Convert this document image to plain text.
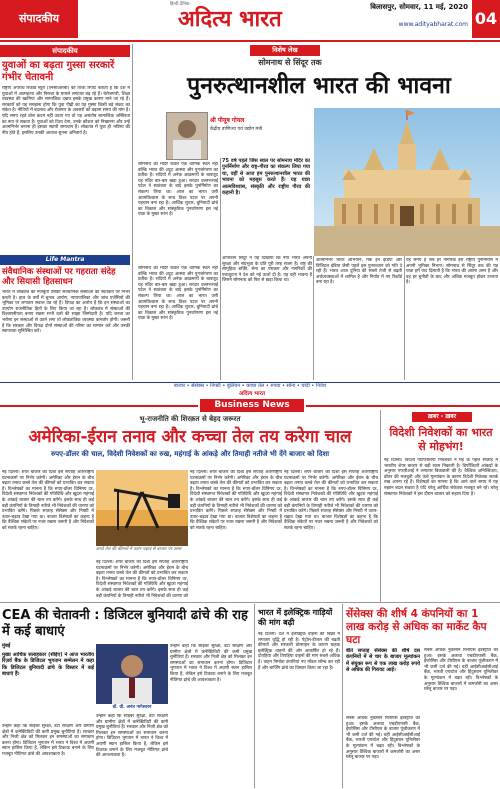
संपादकीय
हिन्दी दैनिक
अदित्य भारत	बिलासपुर, सोमवार, 11 मई, 2020
www.adityabharat.com 04
संपादकीय
युवाओं का बढ़ता गुस्सा सरकारें गंभीर चेतावनी
राष्ट्रीय अपराध रिकॉर्ड ब्यूरो (एनसीआरबी) की ताजा रिपोर्ट बताती है कि देश में युवाओं में आत्महत्या और निराशा के मामले लगातार बढ़ रहे हैं। बेरोजगारी, शिक्षा व्यवस्था की खामियां और सामाजिक दबाव इसके प्रमुख कारण माने जा रहे हैं। सरकारों को यह समझना होगा कि युवा पीढ़ी का यह गुस्सा किसी बड़े संकट का संकेत है। नीतियों में बदलाव और रोजगार के अवसरों को बढ़ाना समय की मांग है। यदि समय रहते ठोस कदम नहीं उठाए गए तो यह असंतोष सामाजिक अस्थिरता का रूप ले सकता है। युवाओं को दिशा देना, उनके कौशल को निखारना और उन्हें आत्मनिर्भर बनाना ही इसका स्थायी समाधान है। लोकतंत्र में युवा ही भविष्य की नींव होते हैं, इसलिए उनकी आवाज सुनना अनिवार्य है।
Life Mantra
संवैधानिक संस्थाओं पर गहराता संदेह और सियासी हितसाधन
भारत में लोकतंत्र की मजबूती उसकी संवैधानिक संस्थाओं की स्वतंत्रता पर निर्भर करती है। हाल के वर्षों में चुनाव आयोग, न्यायपालिका और जांच एजेंसियों की भूमिका पर लगातार सवाल उठ रहे हैं। विपक्ष का आरोप है कि इन संस्थाओं का उपयोग राजनीतिक हितों के लिए किया जा रहा है। लोकतंत्र में संस्थाओं की विश्वसनीयता बनाए रखना सभी दलों की साझा जिम्मेदारी है। यदि जनता का भरोसा इन संस्थाओं से उठने लगा तो लोकतांत्रिक व्यवस्था कमजोर होगी। जरूरी है कि सरकार और विपक्ष दोनों संस्थाओं की गरिमा का सम्मान करें और उनकी स्वायत्तता सुनिश्चित करें।
विशेष लेख
सोमनाथ से सिंदूर तक
पुनरुत्थानशील भारत की भावना
श्री पीयूष गोयल
केंद्रीय वाणिज्य एवं उद्योग मंत्री
सोमनाथ का मंदिर केवल एक धार्मिक स्थल नहीं बल्कि भारत की अटूट आस्था और पुनर्जागरण का प्रतीक है। सदियों में अनेक आक्रमणों के बावजूद यह मंदिर बार-बार खड़ा हुआ। सरदार वल्लभभाई पटेल ने स्वतंत्रता के बाद इसके पुनर्निर्माण का संकल्प लिया था। आज का भारत उसी आत्मविश्वास के साथ विश्व पटल पर अपनी पहचान बना रहा है। आर्थिक सुधार, बुनियादी ढांचे का विकास और सांस्कृतिक पुनर्जागरण इस नई यात्रा के मुख्य स्तंभ हैं।
75 वर्ष पहले जिस स्थल पर सोमनाथ मंदिर का पुनर्निर्माण और राष्ट्र-गौरव का संकल्प लिया गया था, वहीं से आज हम पुनरुत्थानशील भारत की भावना को महसूस करते हैं। यह यात्रा आत्मविश्वास, संस्कृति और राष्ट्रीय गौरव की कहानी है।
ऑपरेशन सिंदूर ने यह दिखाया कि नया भारत अपनी सुरक्षा और संप्रभुता के प्रति पूरी तरह सजग है। राष्ट्र की सामूहिक शक्ति, सेना का पराक्रम और नागरिकों की एकजुटता ने देश को नई ऊर्जा दी है। यह वही भावना है जिसने सोमनाथ को फिर से खड़ा किया था।
आत्मनिर्भर भारत अभियान, मेक इन इंडिया और डिजिटल इंडिया जैसी पहलें इस पुनरुत्थान को गति दे रही हैं। भारत आज दुनिया की सबसे तेजी से बढ़ती अर्थव्यवस्थाओं में शामिल है और निर्यात में नए रिकॉर्ड बना रहा है।
यह समय है जब हर नागरिक इस राष्ट्रीय पुनर्निर्माण में अपनी भूमिका निभाए। सोमनाथ से सिंदूर तक की यह यात्रा हमें याद दिलाती है कि भारत की आत्मा अमर है और वह हर चुनौती के बाद और अधिक मजबूत होकर उभरता है।
सोमनाथ का मंदिर केवल एक धार्मिक स्थल नहीं बल्कि भारत की अटूट आस्था और पुनर्जागरण का प्रतीक है। सदियों में अनेक आक्रमणों के बावजूद यह मंदिर बार-बार खड़ा हुआ। सरदार वल्लभभाई पटेल ने स्वतंत्रता के बाद इसके पुनर्निर्माण का संकल्प लिया था। आज का भारत उसी आत्मविश्वास के साथ विश्व पटल पर अपनी पहचान बना रहा है। आर्थिक सुधार, बुनियादी ढांचे का विकास और सांस्कृतिक पुनर्जागरण इस नई यात्रा के मुख्य स्तंभ हैं।
बाजार • सेंसेक्स • निफ्टी • बुलियन • कच्चा तेल • रुपया • सोना • चांदी • निवेश
अदित्य भारत
Business News
भू-राजनीति की शिरक़त से बेहद जरूरत
अमेरिका-ईरान तनाव और कच्चा तेल तय करेगा चाल
रुपए-डॉलर की चाल, विदेशी निवेशकों का रुख, महंगाई के आंकड़े और तिमाही नतीजे भी देंगे बाजार को दिशा
नई दिल्ली। शेयर बाजार की दिशा इस सप्ताह अंतरराष्ट्रीय घटनाक्रमों पर निर्भर करेगी। अमेरिका और ईरान के बीच बढ़ता तनाव कच्चे तेल की कीमतों को प्रभावित कर सकता है। विश्लेषकों का मानना है कि रुपए-डॉलर विनिमय दर, विदेशी संस्थागत निवेशकों की गतिविधि और खुदरा महंगाई के आंकड़े बाजार की चाल तय करेंगे। इसके साथ ही कई बड़ी कंपनियों के तिमाही नतीजे भी निवेशकों की धारणा को प्रभावित करेंगे। पिछले सप्ताह सेंसेक्स और निफ्टी में उतार-चढ़ाव देखा गया था। बाजार विशेषज्ञों का कहना है कि वैश्विक संकेतों पर नजर रखना जरूरी है और निवेशकों को सतर्क रहना चाहिए।
कच्चे तेल की कीमतों में उतार-चढ़ाव से बाजार पर असर
नई दिल्ली। शेयर बाजार की दिशा इस सप्ताह अंतरराष्ट्रीय घटनाक्रमों पर निर्भर करेगी। अमेरिका और ईरान के बीच बढ़ता तनाव कच्चे तेल की कीमतों को प्रभावित कर सकता है। विश्लेषकों का मानना है कि रुपए-डॉलर विनिमय दर, विदेशी संस्थागत निवेशकों की गतिविधि और खुदरा महंगाई के आंकड़े बाजार की चाल तय करेंगे। इसके साथ ही कई बड़ी कंपनियों के तिमाही नतीजे भी निवेशकों की धारणा को
नई दिल्ली। शेयर बाजार की दिशा इस सप्ताह अंतरराष्ट्रीय घटनाक्रमों पर निर्भर करेगी। अमेरिका और ईरान के बीच बढ़ता तनाव कच्चे तेल की कीमतों को प्रभावित कर सकता है। विश्लेषकों का मानना है कि रुपए-डॉलर विनिमय दर, विदेशी संस्थागत निवेशकों की गतिविधि और खुदरा महंगाई के आंकड़े बाजार की चाल तय करेंगे। इसके साथ ही कई बड़ी कंपनियों के तिमाही नतीजे भी निवेशकों की धारणा को प्रभावित करेंगे। पिछले सप्ताह सेंसेक्स और निफ्टी में उतार-चढ़ाव देखा गया था। बाजार विशेषज्ञों का कहना है कि वैश्विक संकेतों पर नजर रखना जरूरी है और निवेशकों को सतर्क रहना चाहिए।
नई दिल्ली। शेयर बाजार की दिशा इस सप्ताह अंतरराष्ट्रीय घटनाक्रमों पर निर्भर करेगी। अमेरिका और ईरान के बीच बढ़ता तनाव कच्चे तेल की कीमतों को प्रभावित कर सकता है। विश्लेषकों का मानना है कि रुपए-डॉलर विनिमय दर, विदेशी संस्थागत निवेशकों की गतिविधि और खुदरा महंगाई के आंकड़े बाजार की चाल तय करेंगे। इसके साथ ही कई बड़ी कंपनियों के तिमाही नतीजे भी निवेशकों की धारणा को प्रभावित करेंगे। पिछले सप्ताह सेंसेक्स और निफ्टी में उतार-चढ़ाव देखा गया था। बाजार विशेषज्ञों का कहना है कि वैश्विक संकेतों पर नजर रखना जरूरी है और निवेशकों को सतर्क रहना चाहिए।
ख़बर - ख़बर
विदेशी निवेशकों का भारत से मोहभंग!
नई दिल्ली। विदेशी पोर्टफोलियो निवेशकों ने मई के पहले सप्ताह में भारतीय शेयर बाजार से बड़ी रकम निकाली है। डिपॉजिटरी आंकड़ों के अनुसार एफपीआई ने लगातार बिकवाली की है। वैश्विक अनिश्चितता, डॉलर की मजबूती और ऊंचे मूल्यांकन के कारण विदेशी निवेशक सतर्क रुख अपना रहे हैं। विशेषज्ञों का मानना है कि आने वाले समय में यह रुझान बदल सकता है यदि घरेलू आर्थिक संकेतक मजबूत बने रहें। घरेलू संस्थागत निवेशकों ने इस दौरान बाजार को सहारा दिया है।
CEA की चेतावनी : डिजिटल बुनियादी ढांचे की राह में कई बाधाएं
मुंबई
मुख्य आर्थिक सलाहकार (सीईए) ने आज भारतीय रिज़र्व बैंक के डिजिटल भुगतान सम्मेलन में कहा कि डिजिटल बुनियादी ढांचे के विस्तार में कई बाधाएं हैं।
डॉ. वी. अनंत नागेश्वरन
उन्होंने कहा कि साइबर सुरक्षा, डेटा संरक्षण और ग्रामीण क्षेत्रों में कनेक्टिविटी की कमी प्रमुख चुनौतियां हैं। सरकार और निजी क्षेत्र को मिलकर इन समस्याओं का समाधान करना होगा। डिजिटल भुगतान में भारत ने विश्व में अग्रणी स्थान हासिल किया है, लेकिन इसे टिकाऊ बनाने के लिए मजबूत नीतिगत ढांचे की आवश्यकता है।
उन्होंने कहा कि साइबर सुरक्षा, डेटा संरक्षण और ग्रामीण क्षेत्रों में कनेक्टिविटी की कमी प्रमुख चुनौतियां हैं। सरकार और निजी क्षेत्र को मिलकर इन समस्याओं का समाधान करना होगा। डिजिटल भुगतान में भारत ने विश्व में अग्रणी स्थान हासिल किया है, लेकिन इसे टिकाऊ बनाने के लिए मजबूत नीतिगत ढांचे की आवश्यकता है।
उन्होंने कहा कि साइबर सुरक्षा, डेटा संरक्षण और ग्रामीण क्षेत्रों में कनेक्टिविटी की कमी प्रमुख चुनौतियां हैं। सरकार और निजी क्षेत्र को मिलकर इन समस्याओं का समाधान करना होगा। डिजिटल भुगतान में भारत ने विश्व में अग्रणी स्थान हासिल किया है, लेकिन इसे टिकाऊ बनाने के लिए मजबूत नीतिगत ढांचे की आवश्यकता है।
भारत में इलेक्ट्रिक गाड़ियों की मांग बढ़ी
नई दिल्ली। देश में इलेक्ट्रिक वाहनों की बिक्री में लगातार वृद्धि हो रही है। पेट्रोल-डीजल की बढ़ती कीमतों और सरकारी प्रोत्साहन के कारण ग्राहक इलेक्ट्रिक वाहनों की ओर आकर्षित हो रहे हैं। दोपहिया और तिपहिया वाहनों की मांग सबसे अधिक है। वाहन निर्माता कंपनियां नए मॉडल लॉन्च कर रही हैं और चार्जिंग ढांचे का विस्तार किया जा रहा है।
सेंसेक्स की शीर्ष 4 कंपनियों का 1 लाख करोड़ से अधिक का मार्केट कैप घटा
बीते सप्ताह सेंसेक्स की शीर्ष दस कंपनियों में से चार के बाजार मूल्यांकन में संयुक्त रूप से एक लाख करोड़ रुपये से अधिक की गिरावट आई।
सबसे अधिक नुकसान रिलायंस इंडस्ट्रीज को हुआ। इसके अलावा एचडीएफसी बैंक, इंफोसिस और टीसीएस के बाजार पूंजीकरण में भी कमी दर्ज की गई। वहीं आईसीआईसीआई बैंक, भारती एयरटेल और हिंदुस्तान यूनिलीवर के मूल्यांकन में बढ़त रही। विश्लेषकों के अनुसार वैश्विक बाजारों में कमजोरी का असर घरेलू बाजार पर पड़ा।
सबसे अधिक नुकसान रिलायंस इंडस्ट्रीज को हुआ। इसके अलावा एचडीएफसी बैंक, इंफोसिस और टीसीएस के बाजार पूंजीकरण में भी कमी दर्ज की गई। वहीं आईसीआईसीआई बैंक, भारती एयरटेल और हिंदुस्तान यूनिलीवर के मूल्यांकन में बढ़त रही। विश्लेषकों के अनुसार वैश्विक बाजारों में कमजोरी का असर घरेलू बाजार पर पड़ा।
